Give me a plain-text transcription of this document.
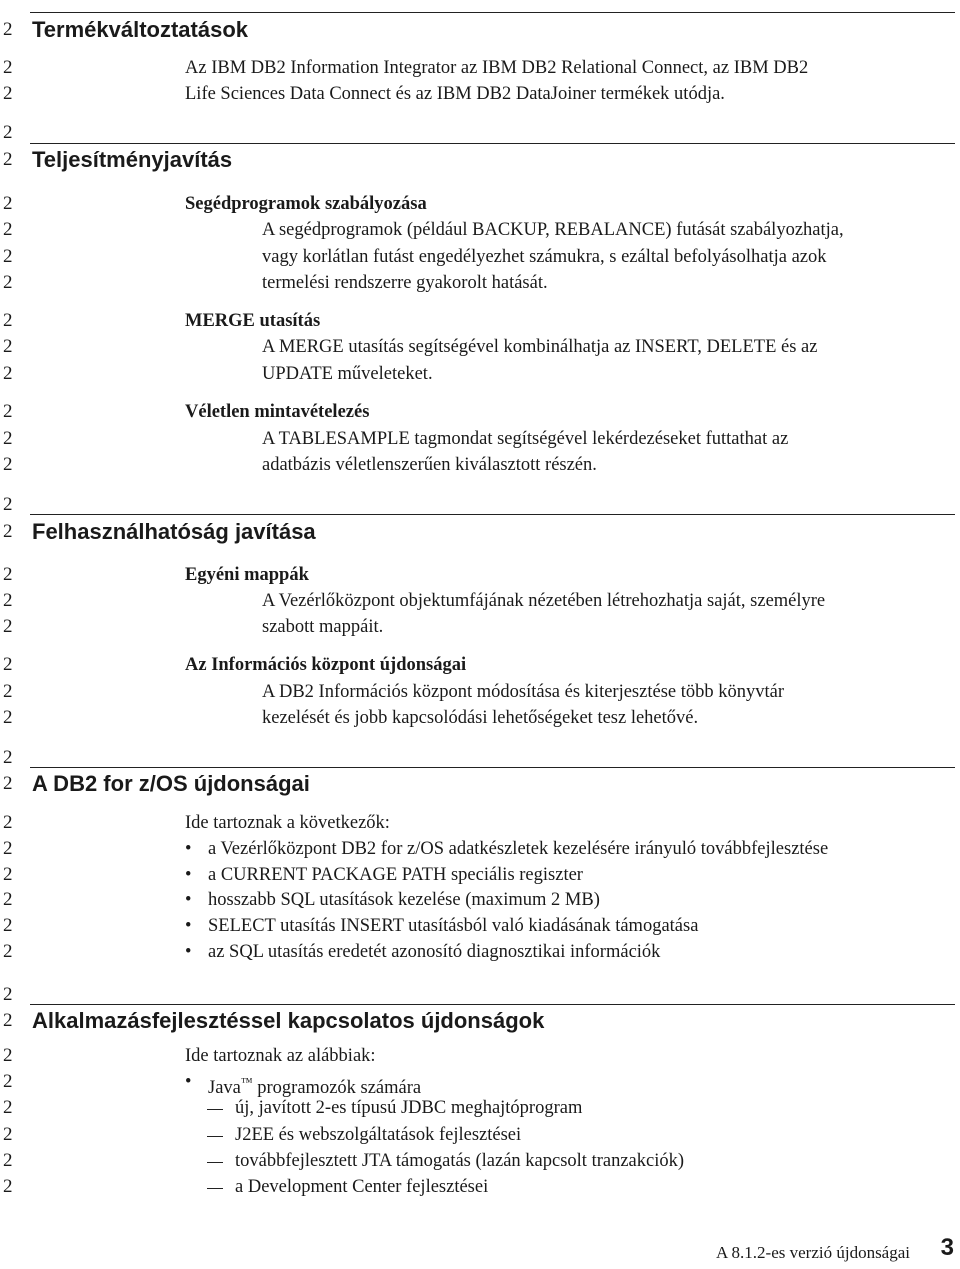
2
2
2
2
2
2
2
2
2
2
2
2
2
2
2
2
2
2
2
2
2
2
2
2
2
2
2
2
2
2
2
2
2
2
2
2
2
2
2
Termékváltoztatások
Az IBM DB2 Information Integrator az IBM DB2 Relational Connect, az IBM DB2
Life Sciences Data Connect és az IBM DB2 DataJoiner termékek utódja.
Teljesítményjavítás
Segédprogramok szabályozása
A segédprogramok (például BACKUP, REBALANCE) futását szabályozhatja,
vagy korlátlan futást engedélyezhet számukra, s ezáltal befolyásolhatja azok
termelési rendszerre gyakorolt hatását.
MERGE utasítás
A MERGE utasítás segítségével kombinálhatja az INSERT, DELETE és az
UPDATE műveleteket.
Véletlen mintavételezés
A TABLESAMPLE tagmondat segítségével lekérdezéseket futtathat az
adatbázis véletlenszerűen kiválasztott részén.
Felhasználhatóság javítása
Egyéni mappák
A Vezérlőközpont objektumfájának nézetében létrehozhatja saját, személyre
szabott mappáit.
Az Információs központ újdonságai
A DB2 Információs központ módosítása és kiterjesztése több könyvtár
kezelését és jobb kapcsolódási lehetőségeket tesz lehetővé.
A DB2 for z/OS újdonságai
Ide tartoznak a következők:
• a Vezérlőközpont DB2 for z/OS adatkészletek kezelésére irányuló továbbfejlesztése
• a CURRENT PACKAGE PATH speciális regiszter
• hosszabb SQL utasítások kezelése (maximum 2 MB)
• SELECT utasítás INSERT utasításból való kiadásának támogatása
• az SQL utasítás eredetét azonosító diagnosztikai információk
Alkalmazásfejlesztéssel kapcsolatos újdonságok
Ide tartoznak az alábbiak:
• Java™ programozók számára
új, javított 2-es típusú JDBC meghajtóprogram
J2EE és webszolgáltatások fejlesztései
továbbfejlesztett JTA támogatás (lazán kapcsolt tranzakciók)
a Development Center fejlesztései
A 8.1.2-es verzió újdonságai 3
